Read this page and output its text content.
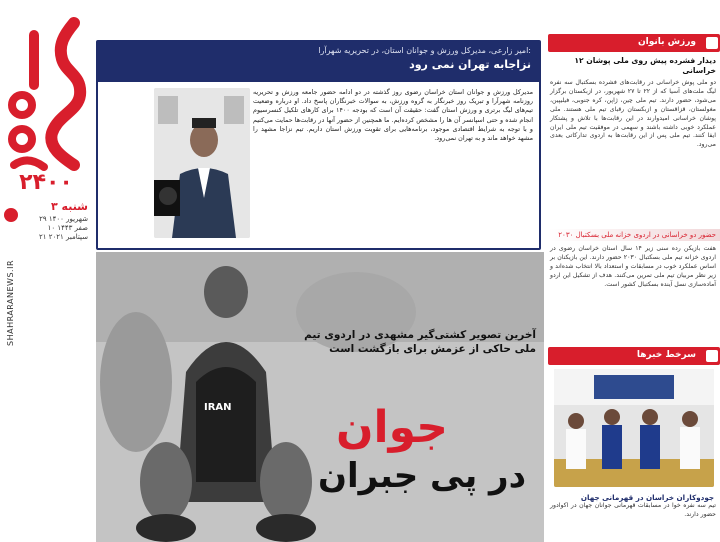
۲۴۰۰
۳ شنبه
۲۹ شهریور ۱۴۰۰
۱۰ صفر ۱۴۴۳
۲۱ سپتامبر ۲۰۲۱
SHAHRARANEWS.IR
امیر زارعی، مدیرکل ورزش و جوانان استان، در تحریریه شهرآرا:
نزاجابه تهران نمی رود
مدیرکل ورزش و جوانان استان خراسان رضوی روز گذشته در دو ادامه حضور جامعه ورزش و تحریریه روزنامه شهرآرا و تبریک روز خبرنگار به گروه ورزش، به سوالات خبرنگاران پاسخ داد. او درباره وضعیت تیم‌های لیگ برتری و ورزش استان گفت: حقیقت آن است که بودجه ۱۴۰۰ برای کارهای تلکیل کنسرسیوم انجام شده و حتی اسپانسر آن ‌ها را مشخص کرده‌ایم. ما همچنین از حضور آنها در رقابت‌ها حمایت می‌کنیم و با توجه به شرایط اقتصادی موجود، برنامه‌هایی برای تقویت ورزش استان داریم. تیم نزاجا مشهد را مشهد خواهد ماند و به تهران نمی‌رود.
IRAN
آخرین تصویر کشتی‌گیر مشهدی در اردوی تیم ملی حاکی از عزمش برای بازگشت است
جوان
در پی جبران
ورزش بانوان
۱۲ دیدار فشرده پیش روی ملی پوشان خراسانی
دو ملی پوش خراسانی در رقابت‌های فشرده بسکتبال سه نفره لیگ ملت‌های آسیا که از ۲۲ تا ۲۷ شهریور، در ازبکستان برگزار می‌شود، حضور دارند. تیم ملی چین، ژاپن، کره جنوبی، فیلیپین، مغولستان، قزاقستان و ازبکستان رقبای تیم ملی هستند. ملی پوشان خراسانی امیدوارند در این رقابت‌ها با تلاش و پشتکار عملکرد خوبی داشته باشند و سهمی در موفقیت تیم ملی ایران ایفا کنند. تیم ملی پس از این رقابت‌ها به اردوی تدارکاتی بعدی می‌رود.
حضور دو خراسانی در اردوی خزانه ملی بسکتبال ۲۰۳۰
هفت بازیکن رده سنی زیر ۱۴ سال استان خراسان رضوی در اردوی خزانه تیم ملی بسکتبال ۲۰۳۰ حضور دارند. این بازیکنان بر اساس عملکرد خوب در مسابقات و استعداد بالا انتخاب شده‌اند و زیر نظر مربیان تیم ملی تمرین می‌کنند. هدف از تشکیل این اردو آماده‌سازی نسل آینده بسکتبال کشور است.
سرخط خبرها
جودوکاران خراسان در قهرمانی جهان
تیم سه نفره خوا در مسابقات قهرمانی جوانان جهان در اکوادور حضور دارند.
